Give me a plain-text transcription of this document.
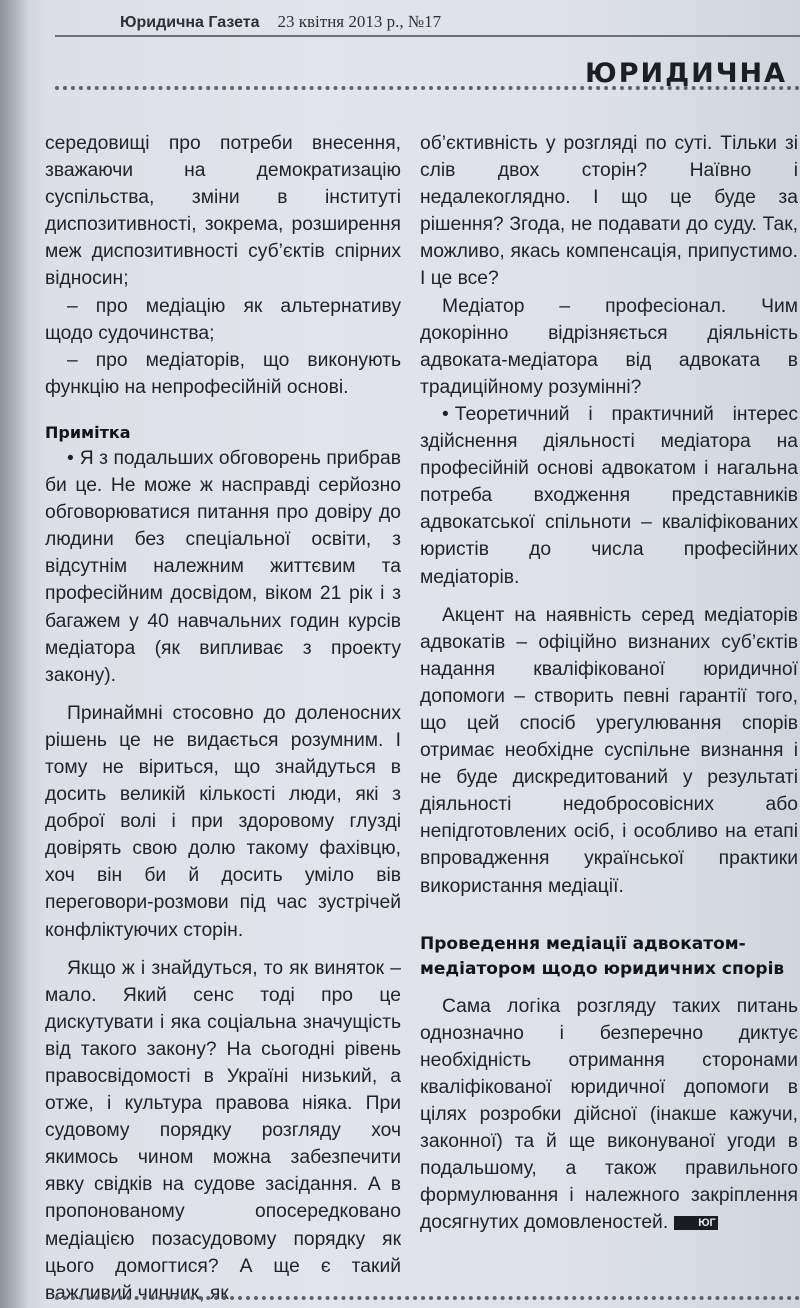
Юридична Газета 23 квітня 2013 р., №17
ЮРИДИЧНА

середовищі про потреби внесення, зважаючи на демократизацію суспільства, зміни в інституті диспозитивності, зокрема, розширення меж диспозитивності суб’єктів спірних відносин;

– про медіацію як альтернативу щодо судочинства;

– про медіаторів, що виконують функцію на непрофесійній основі.

Примітка

• Я з подальших обговорень прибрав би це. Не може ж насправді серйозно обговорюватися питання про довіру до людини без спеціальної освіти, з відсутнім належним життєвим та професійним досвідом, віком 21 рік і з багажем у 40 навчальних годин курсів медіатора (як випливає з проекту закону).

Принаймні стосовно до доленосних рішень це не видається розумним. І тому не віриться, що знайдуться в досить великій кількості люди, які з доброї волі і при здоровому глузді довірять свою долю такому фахівцю, хоч він би й досить уміло вів переговори-розмови під час зустрічей конфліктуючих сторін.

Якщо ж і знайдуться, то як виняток – мало. Який сенс тоді про це дискутувати і яка соціальна значущість від такого закону? На сьогодні рівень правосвідомості в Україні низький, а отже, і культура правова ніяка. При судовому порядку розгляду хоч якимось чином можна забезпечити явку свідків на судове засідання. А в пропонованому опосередковано медіацією позасудовому порядку як цього домогтися? А ще є такий важливий чинник, як

об’єктивність у розгляді по суті. Тільки зі слів двох сторін? Наївно і недалекоглядно. І що це буде за рішення? Згода, не подавати до суду. Так, можливо, якась компенсація, припустимо. І це все?

Медіатор – професіонал. Чим докорінно відрізняється діяльність адвоката-медіатора від адвоката в традиційному розумінні?

• Теоретичний і практичний інтерес здійснення діяльності медіатора на професійній основі адвокатом і нагальна потреба входження представників адвокатської спільноти – кваліфікованих юристів до числа професійних медіаторів.

Акцент на наявність серед медіаторів адвокатів – офіційно визнаних суб’єктів надання кваліфікованої юридичної допомоги – створить певні гарантії того, що цей спосіб урегулювання спорів отримає необхідне суспільне визнання і не буде дискредитований у результаті діяльності недобросовісних або непідготовлених осіб, і особливо на етапі впровадження української практики використання медіації.

Проведення медіації адвокатом-медіатором щодо юридичних спорів

Сама логіка розгляду таких питань однозначно і безперечно диктує необхідність отримання сторонами кваліфікованої юридичної допомоги в цілях розробки дійсної (інакше кажучи, законної) та й ще виконуваної угоди в подальшому, а також правильного формулювання і належного закріплення досягнутих домовленостей.	ЮГ
